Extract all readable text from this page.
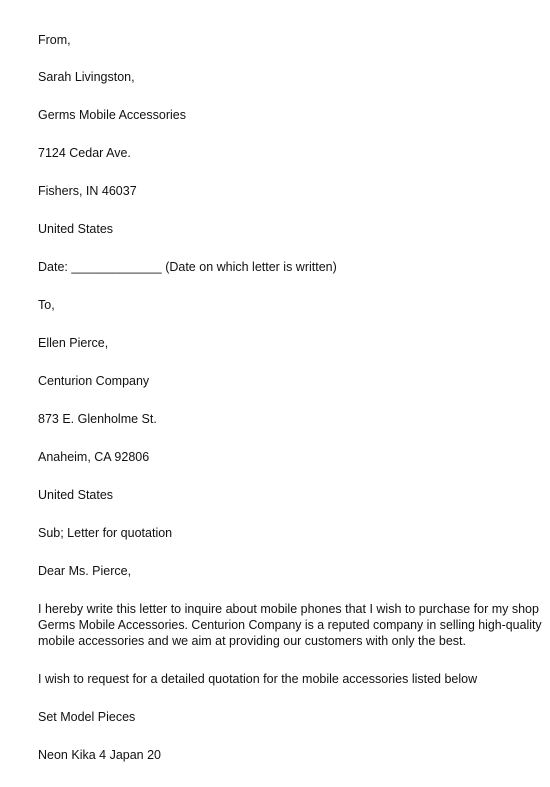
From,
Sarah Livingston,
Germs Mobile Accessories
7124 Cedar Ave.
Fishers, IN 46037
United States
Date: _____________ (Date on which letter is written)
To,
Ellen Pierce,
Centurion Company
873 E. Glenholme St.
Anaheim, CA 92806
United States
Sub; Letter for quotation
Dear Ms. Pierce,
I hereby write this letter to inquire about mobile phones that I wish to purchase for my shop
Germs Mobile Accessories. Centurion Company is a reputed company in selling high-quality
mobile accessories and we aim at providing our customers with only the best.
I wish to request for a detailed quotation for the mobile accessories listed below
Set Model Pieces
Neon Kika 4 Japan 20
